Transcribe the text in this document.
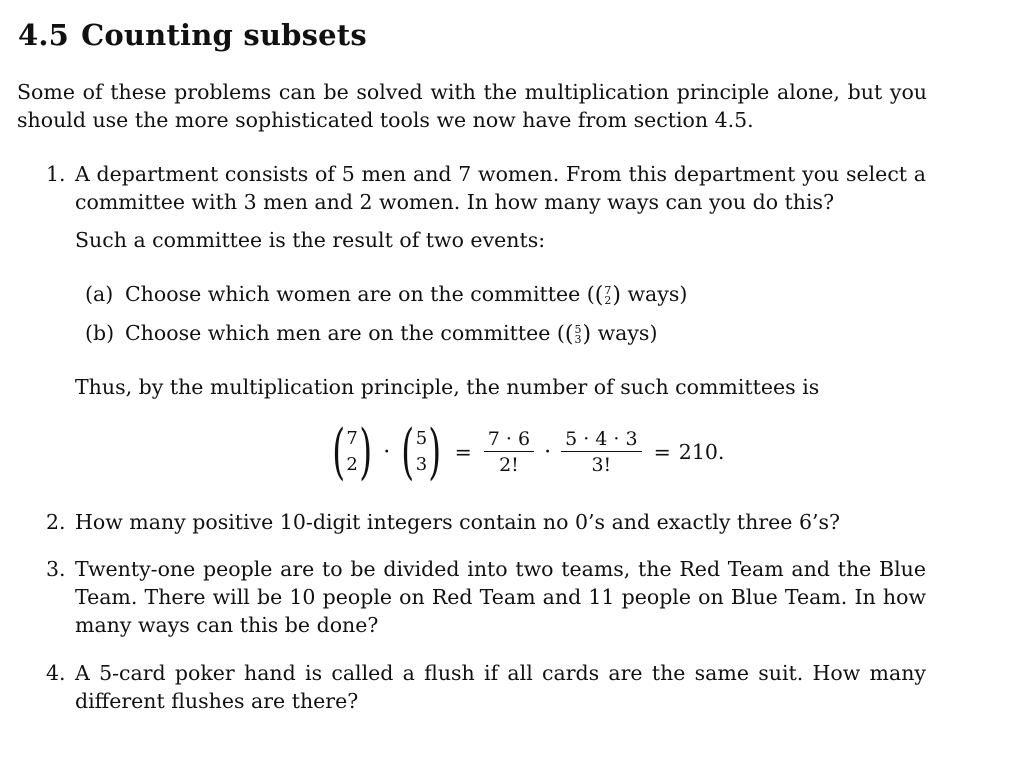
4.5 Counting subsets

Some of these problems can be solved with the multiplication principle alone, but you should use the more sophisticated tools we now have from section 4.5.

1. A department consists of 5 men and 7 women. From this department you select a committee with 3 men and 2 women. In how many ways can you do this?
Such a committee is the result of two events:
(a) Choose which women are on the committee ( ( 7
2 ) ways)
(b) Choose which men are on the committee ( ( 5
3 ) ways)
Thus, by the multiplication principle, the number of such committees is
( 7
2 ) · ( 5
3 ) = $\frac{7 \cdot 6}{2!} \cdot \frac{5 \cdot 4 \cdot 3}{3!} = 210$.
2. How many positive 10-digit integers contain no 0’s and exactly three 6’s?
3. Twenty-one people are to be divided into two teams, the Red Team and the Blue Team. There will be 10 people on Red Team and 11 people on Blue Team. In how many ways can this be done?
4. A 5-card poker hand is called a flush if all cards are the same suit. How many different flushes are there?
